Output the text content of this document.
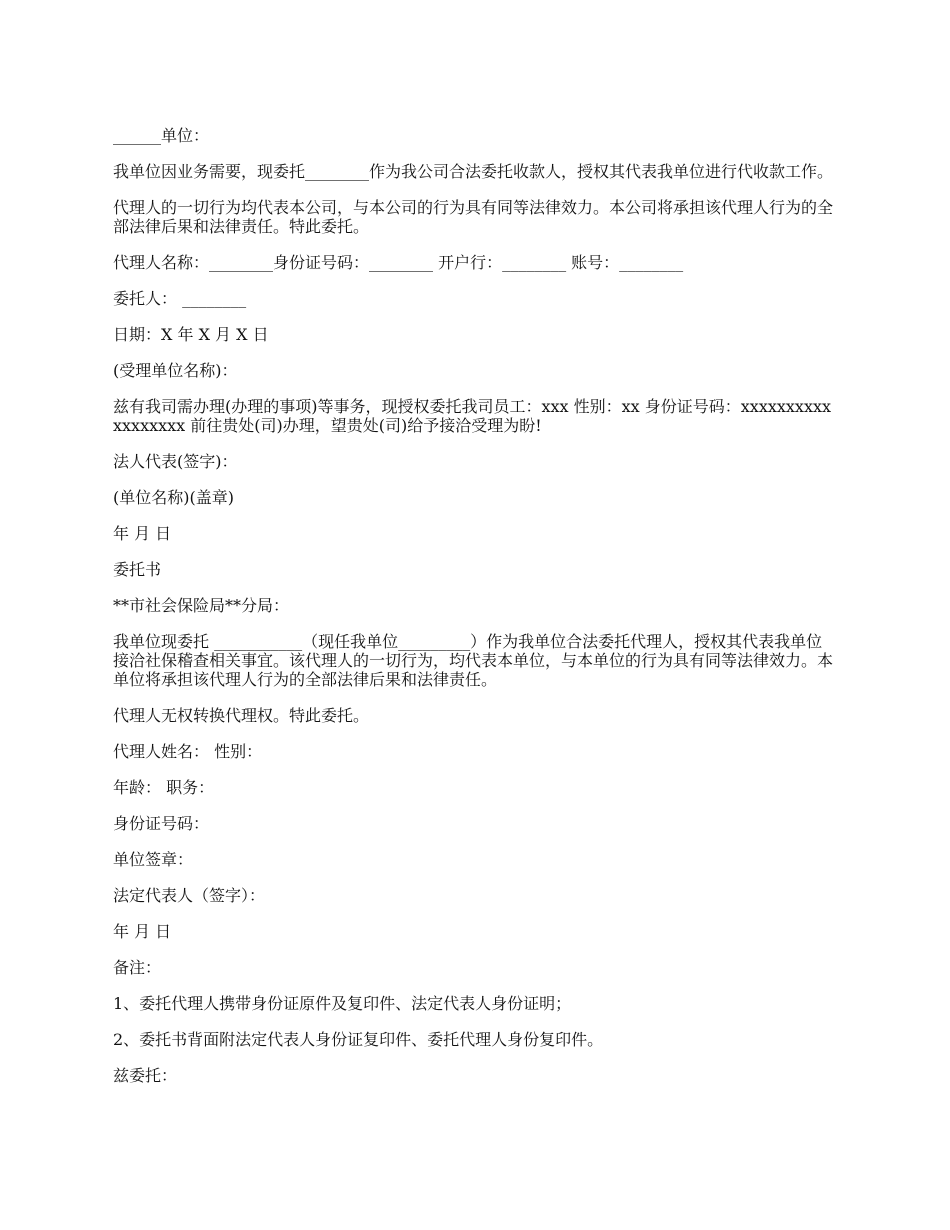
______单位：

我单位因业务需要，现委托________作为我公司合法委托收款人，授权其代表我单位进行代收款工作。

代理人的一切行为均代表本公司，与本公司的行为具有同等法律效力。本公司将承担该代理人行为的全部法律后果和法律责任。特此委托。

代理人名称：________身份证号码：________ 开户行：________ 账号：________

委托人： ________

日期：X 年 X 月 X 日

(受理单位名称)：

兹有我司需办理(办理的事项)等事务，现授权委托我司员工：xxx 性别：xx 身份证号码：xxxxxxxxxxxxxxxxxx 前往贵处(司)办理，望贵处(司)给予接洽受理为盼!

法人代表(签字)：

(单位名称)(盖章)

年 月 日

委托书

**市社会保险局**分局：

我单位现委托 ___________（现任我单位_________）作为我单位合法委托代理人，授权其代表我单位接洽社保稽查相关事宜。该代理人的一切行为，均代表本单位，与本单位的行为具有同等法律效力。本单位将承担该代理人行为的全部法律后果和法律责任。

代理人无权转换代理权。特此委托。

代理人姓名： 性别：

年龄： 职务：

身份证号码：

单位签章：

法定代表人（签字）：

年 月 日

备注：

1、委托代理人携带身份证原件及复印件、法定代表人身份证明；

2、委托书背面附法定代表人身份证复印件、委托代理人身份复印件。

兹委托：
